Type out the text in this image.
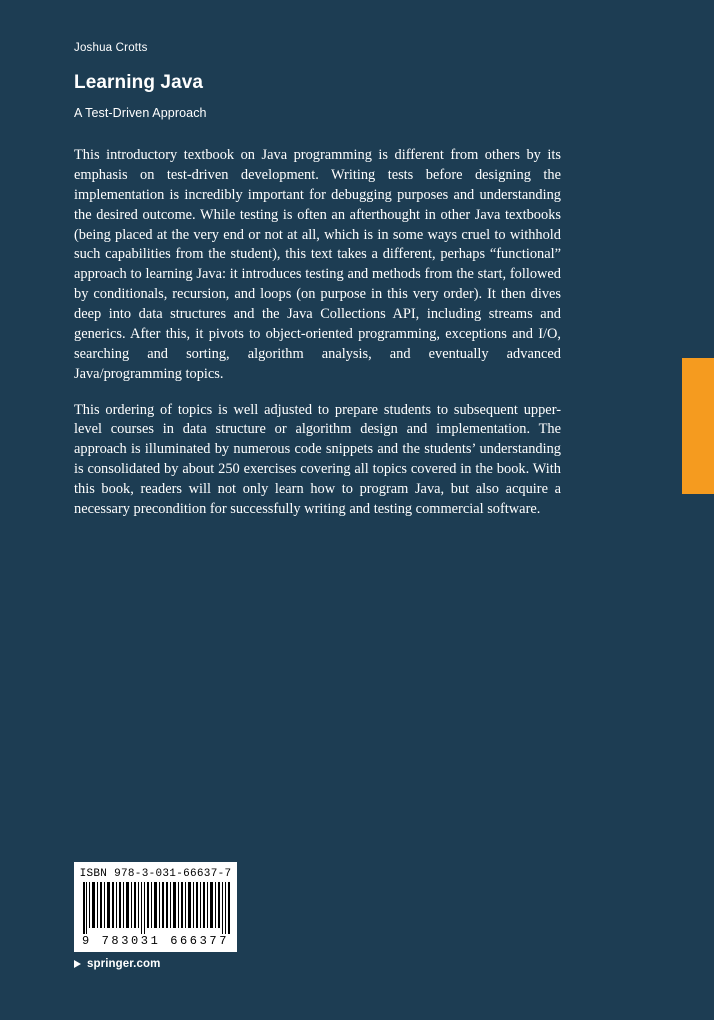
Joshua Crotts

Learning Java

A Test-Driven Approach

This introductory textbook on Java programming is different from others by its emphasis on test-driven development. Writing tests before designing the implementation is incredibly important for debugging purposes and understanding the desired outcome. While testing is often an afterthought in other Java textbooks (being placed at the very end or not at all, which is in some ways cruel to withhold such capabilities from the student), this text takes a different, perhaps “functional” approach to learning Java: it introduces testing and methods from the start, followed by conditionals, recursion, and loops (on purpose in this very order). It then dives deep into data structures and the Java Collections API, including streams and generics. After this, it pivots to object-oriented programming, exceptions and I/O, searching and sorting, algorithm analysis, and eventually advanced Java/programming topics.

This ordering of topics is well adjusted to prepare students to subsequent upper-level courses in data structure or algorithm design and implementation. The approach is illuminated by numerous code snippets and the students’ understanding is consolidated by about 250 exercises covering all topics covered in the book. With this book, readers will not only learn how to program Java, but also acquire a necessary precondition for successfully writing and testing commercial software.

ISBN 978-3-031-66637-7
9 783031 666377
springer.com
